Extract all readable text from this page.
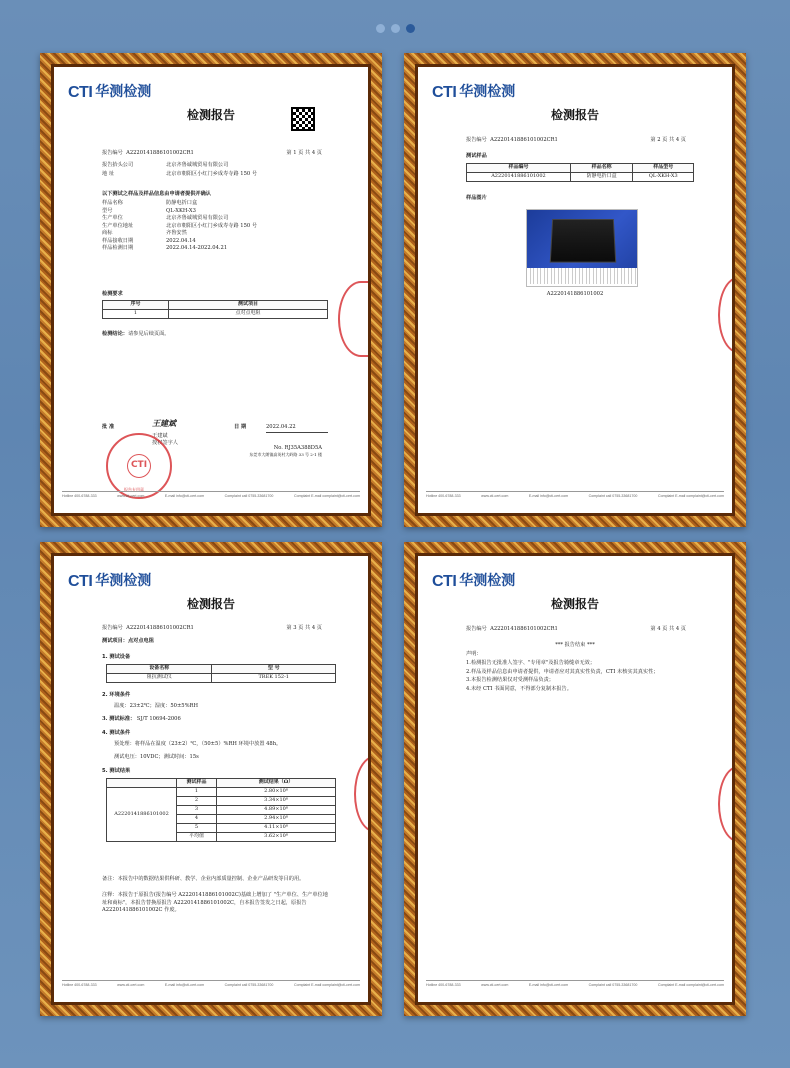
CTI 华测检测
检测报告
报告编号 A2220141886101002CR1	第 1 页 共 4 页
报告抬头公司	北京齐鲁诚城贸易有限公司
地 址	北京市朝阳区小红门乡成寿寺路 150 号
以下测试之样品及样品信息由申请者提供并确认
样品名称	防静电折口盒
型号	QL-XKH-X3
生产单位	北京齐鲁诚城贸易有限公司
生产单位地址	北京市朝阳区小红门乡成寿寺路 150 号
商标	齐鲁安然
样品接收日期	2022.04.14
样品检测日期	2022.04.14-2022.04.21
检测要求
序号	测试项目
1	点对点电阻
检测结论： 请参见后续页面。
批 准	王建斌
王建斌
授权签字人
日 期	2022.04.22
No. RJ35A388D5A
东莞市大朗镇高英村大岭路 33 号 2-1 楼
CTI
报告专用章
Hotline 400-6788-333	www.cti-cert.com	E-mail info@cti-cert.com	Complaint call 0755-33681700	Complaint E-mail complaint@cti-cert.com
CTI 华测检测
检测报告
报告编号 A2220141886101002CR1	第 2 页 共 4 页
测试样品
样品编号	样品名称	样品型号
A2220141886101002	防静电折口盒	QL-XKH-X3
样品图片
A2220141886101002
Hotline 400-6788-333	www.cti-cert.com	E-mail info@cti-cert.com	Complaint call 0755-33681700	Complaint E-mail complaint@cti-cert.com
CTI 华测检测
检测报告
报告编号 A2220141886101002CR1	第 3 页 共 4 页
测试项目：点对点电阻
1. 测试设备
设备名称	型 号
阻抗测试仪	TREK 152-1
2. 环境条件
温度：23±2℃；湿度：50±5%RH
3. 测试标准： SJ/T 10694-2006
4. 测试条件
预处理：将样品在温度（23±2）℃，（50±5）%RH 环境中放置 48h。
测试电压：10VDC；测试时间：15s
5. 测试结果
	测试样品	测试结果（Ω）
A2220141886101002	1	2.80×10⁸
	2	3.34×10⁸
	3	4.89×10⁸
	4	2.94×10⁸
	5	4.11×10⁸
	平均值	3.62×10⁸
备注：本报告中的数据结果供科研、教学、企业内部质量控制、企业产品研发等目的用。
注释：本报告于原报告(报告编号 A2220141886101002C)基础上增加了 "生产单位、生产单位地址和商标"，本报告替换原报告 A2220141886101002C，自本报告签发之日起，原报告 A2220141886101002C 作废。
Hotline 400-6788-333	www.cti-cert.com	E-mail info@cti-cert.com	Complaint call 0755-33681700	Complaint E-mail complaint@cti-cert.com
CTI 华测检测
检测报告
报告编号 A2220141886101002CR1	第 4 页 共 4 页
*** 报告结束 ***
声明：
1.检测报告无批准人签字、"专用章"及报告骑缝章无效；
2.样品及样品信息由申请者提供，申请者应对其真实性负责，CTI 未核实其真实性；
3.本报告检测结果仅对受测样品负责；
4.未经 CTI 书面同意，不得部分复制本报告。
Hotline 400-6788-333	www.cti-cert.com	E-mail info@cti-cert.com	Complaint call 0755-33681700	Complaint E-mail complaint@cti-cert.com
